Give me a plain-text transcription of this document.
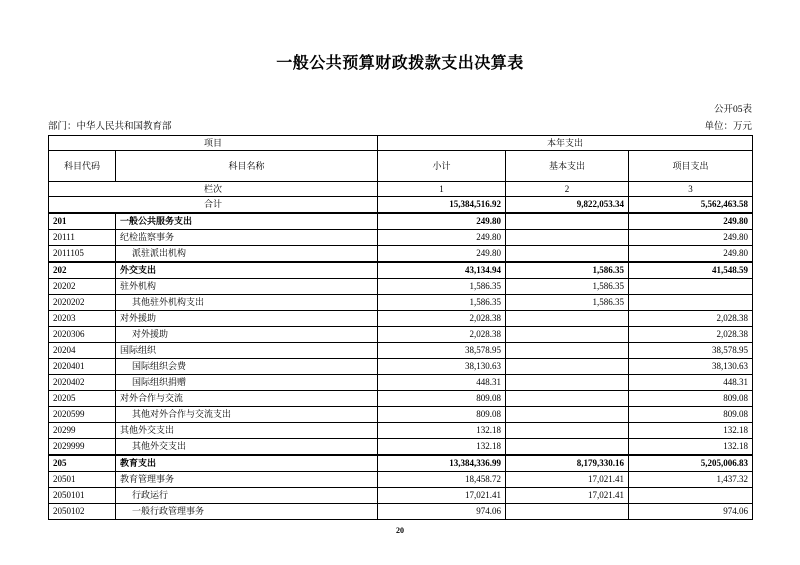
一般公共预算财政拨款支出决算表
公开05表
部门：中华人民共和国教育部	单位：万元
项目		本年支出		
科目代码	科目名称	小计	基本支出	项目支出
栏次		1	2	3
合计		15,384,516.92	9,822,053.34	5,562,463.58
201	一般公共服务支出	249.80		249.80
20111	纪检监察事务	249.80		249.80
2011105	派驻派出机构	249.80		249.80
202	外交支出	43,134.94	1,586.35	41,548.59
20202	驻外机构	1,586.35	1,586.35	
2020202	其他驻外机构支出	1,586.35	1,586.35	
20203	对外援助	2,028.38		2,028.38
2020306	对外援助	2,028.38		2,028.38
20204	国际组织	38,578.95		38,578.95
2020401	国际组织会费	38,130.63		38,130.63
2020402	国际组织捐赠	448.31		448.31
20205	对外合作与交流	809.08		809.08
2020599	其他对外合作与交流支出	809.08		809.08
20299	其他外交支出	132.18		132.18
2029999	其他外交支出	132.18		132.18
205	教育支出	13,384,336.99	8,179,330.16	5,205,006.83
20501	教育管理事务	18,458.72	17,021.41	1,437.32
2050101	行政运行	17,021.41	17,021.41	
2050102	一般行政管理事务	974.06		974.06
20
